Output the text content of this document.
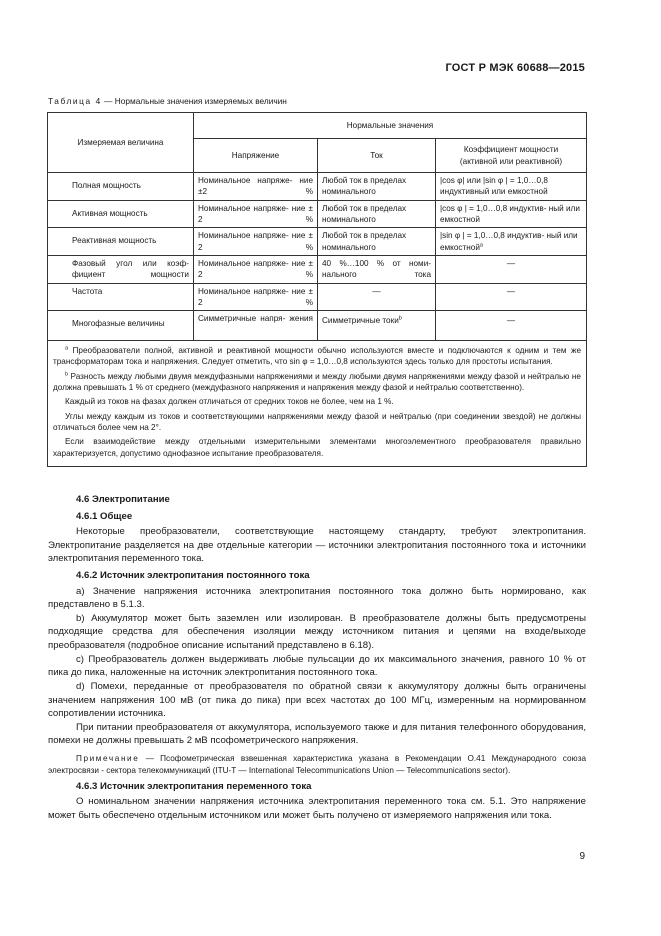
ГОСТ Р МЭК 60688—2015
Таблица 4 — Нормальные значения измеряемых величин
Измеряемая величина	Нормальные значения		
	Напряжение	Ток	Коэффициент мощности
(активной или реактивной)

Полная мощность	Номинальное напряже- ние ±2 %	Любой ток в пределах номинального	|cos φ| или |sin φ | = 1,0…0,8 индуктивный или емкостной
Активная мощность	Номинальное напряже- ние ± 2 %	Любой ток в пределах номинального	|cos φ | = 1,0…0,8 индуктив- ный или емкостной
Реактивная мощность	Номинальное напряже- ние ± 2 %	Любой ток в пределах номинального	|sin φ | = 1,0…0,8 индуктив- ный или емкостной$^a$
Фазовый угол или коэф- фициент мощности	Номинальное напряже- ние ± 2 %	40 %…100 % от номи- нального тока	—
Частота	Номинальное напряже- ние ± 2 %	—	—
Многофазные величины	Симметричные напря- жения	Симметричные токи$^b$	—

$^a$ Преобразователи полной, активной и реактивной мощности обычно используются вместе и подключаются к одним и тем же трансформаторам тока и напряжения. Следует отметить, что sin φ = 1,0…0,8 используются здесь только для простоты испытания.

$^b$ Разность между любыми двумя междуфазными напряжениями и между любыми двумя напряжениями между фазой и нейтралью не должна превышать 1 % от среднего (междуфазного напряжения и напряжения между фазой и нейтралью соответственно).

Каждый из токов на фазах должен отличаться от средних токов не более, чем на 1 %.

Углы между каждым из токов и соответствующими напряжениями между фазой и нейтралью (при соединении звездой) не должны отличаться более чем на 2°.

Если взаимодействие между отдельными измерительными элементами многоэлементного преобразователя правильно характеризуется, допустимо однофазное испытание преобразователя.			

4.6 Электропитание
4.6.1 Общее

Некоторые преобразователи, соответствующие настоящему стандарту, требуют электропитания. Электропитание разделяется на две отдельные категории — источники электропитания постоянного тока и источники электропитания переменного тока.

4.6.2 Источник электропитания постоянного тока

a) Значение напряжения источника электропитания постоянного тока должно быть нормировано, как представлено в 5.1.3.

b) Аккумулятор может быть заземлен или изолирован. В преобразователе должны быть предусмотрены подходящие средства для обеспечения изоляции между источником питания и цепями на входе/выходе преобразователя (подробное описание испытаний представлено в 6.18).

c) Преобразователь должен выдерживать любые пульсации до их максимального значения, равного 10 % от пика до пика, наложенные на источник электропитания постоянного тока.

d) Помехи, переданные от преобразователя по обратной связи к аккумулятору должны быть ограничены значением напряжения 100 мВ (от пика до пика) при всех частотах до 100 МГц, измеренным на нормированном сопротивлении источника.

При питании преобразователя от аккумулятора, используемого также и для питания телефонного оборудования, помехи не должны превышать 2 мВ псофометрического напряжения.

Примечание — Псофометрическая взвешенная характеристика указана в Рекомендации O.41 Международного союза электросвязи - сектора телекоммуникаций (ITU-T — International Telecommunications Union — Telecommunications sector).

4.6.3 Источник электропитания переменного тока

О номинальном значении напряжения источника электропитания переменного тока см. 5.1. Это напряжение может быть обеспечено отдельным источником или может быть получено от измеряемого напряжения или тока.

9
